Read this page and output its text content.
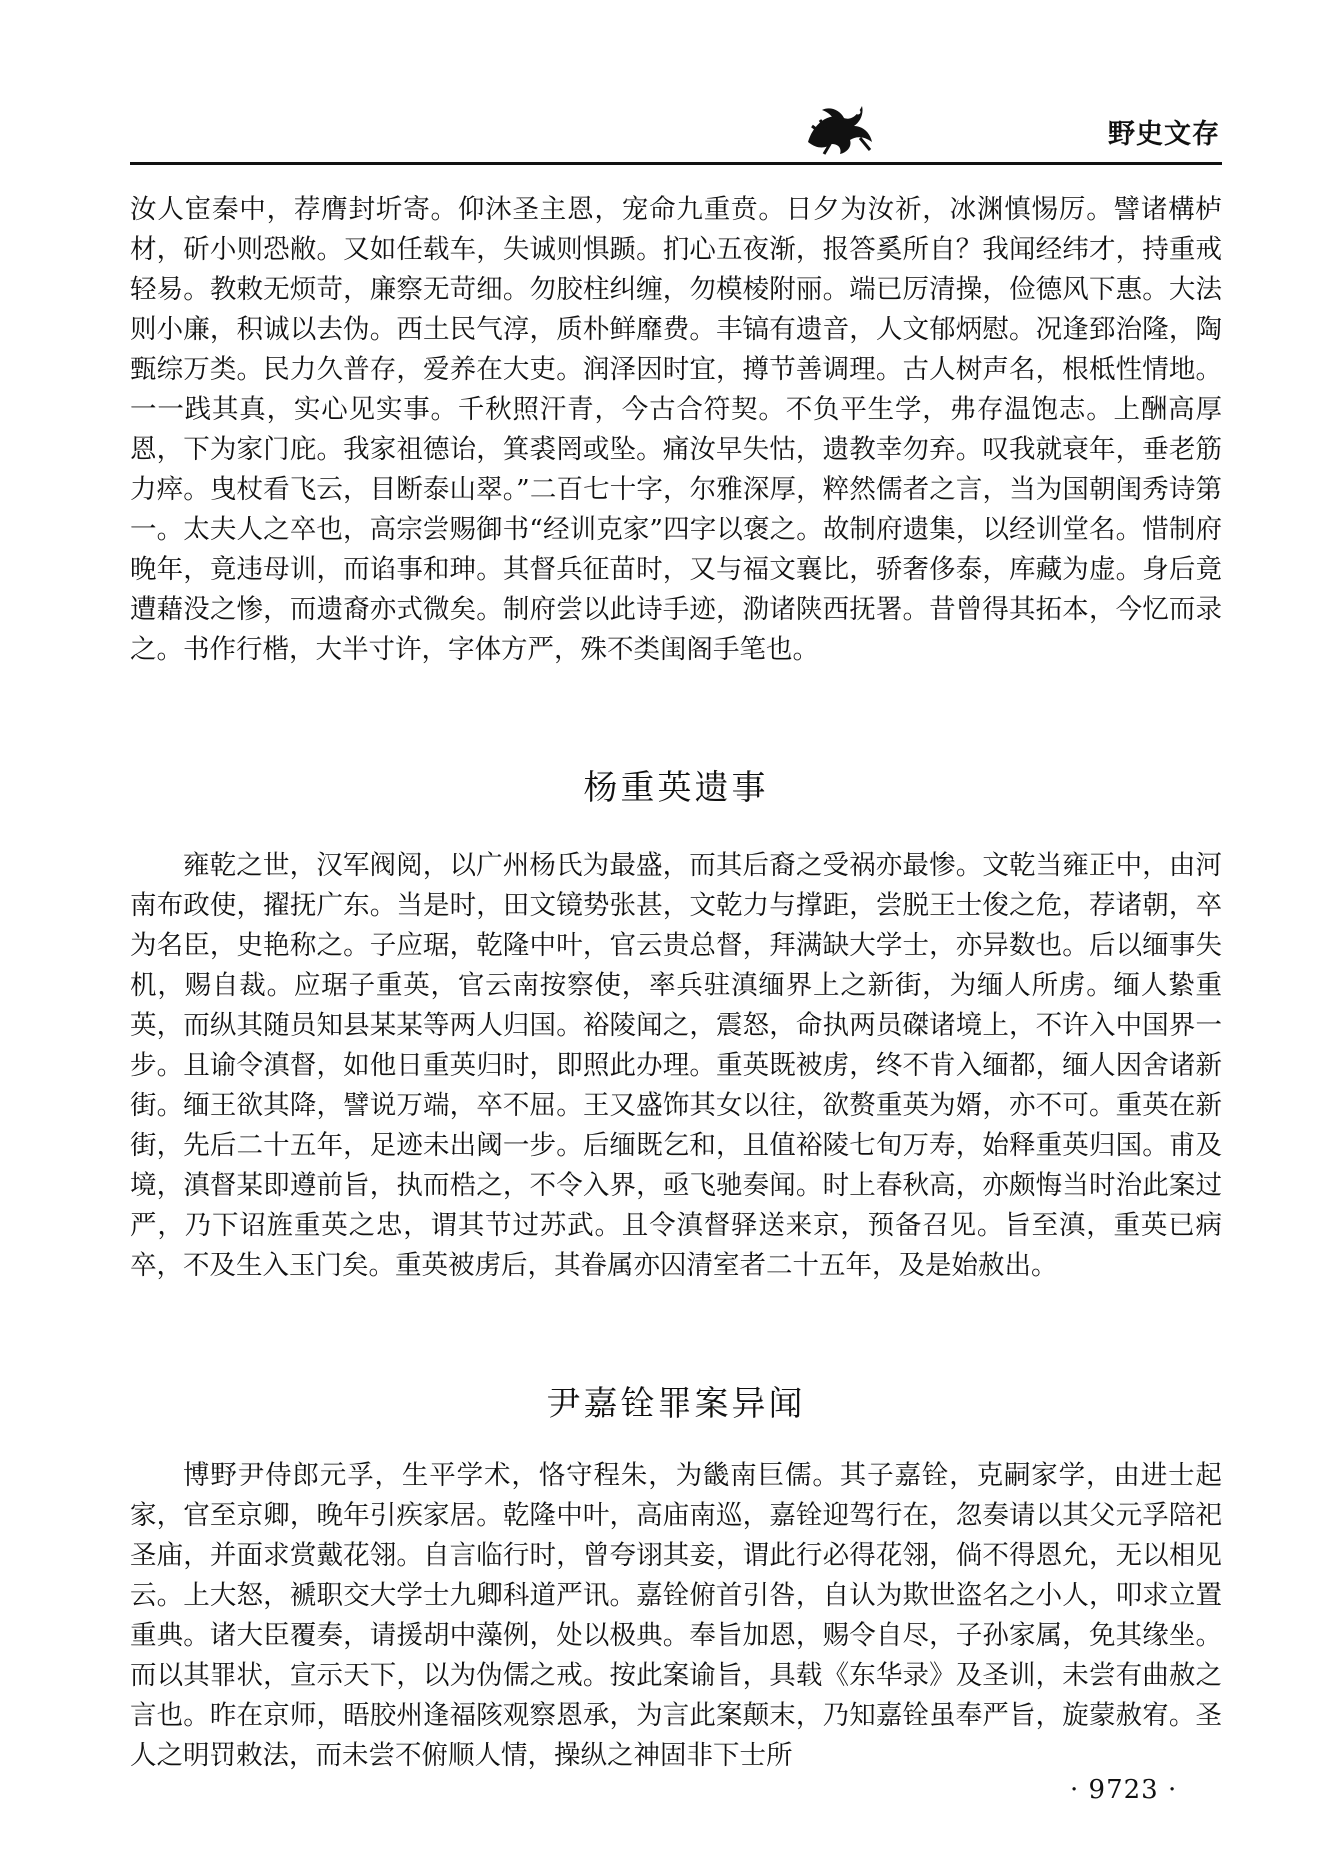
野史文存

汝人宦秦中，荐膺封圻寄。仰沐圣主恩，宠命九重贲。日夕为汝祈，冰渊慎惕厉。譬诸構栌材，斫小则恐敝。又如任载车，失诚则惧踬。扪心五夜渐，报答奚所自？我闻经纬才，持重戒轻易。教敕无烦苛，廉察无苛细。勿胶柱纠缠，勿模棱附丽。端已厉清操，俭德风下惠。大法则小廉，积诚以去伪。西土民气淳，质朴鲜靡费。丰镐有遗音，人文郁炳慰。况逢郅治隆，陶甄综万类。民力久普存，爱养在大吏。润泽因时宜，撙节善调理。古人树声名，根柢性情地。一一践其真，实心见实事。千秋照汗青，今古合符契。不负平生学，弗存温饱志。上酬高厚恩，下为家门庇。我家祖德诒，箕裘罔或坠。痛汝早失怙，遗教幸勿弃。叹我就衰年，垂老筋力瘁。曳杖看飞云，目断泰山翠。”二百七十字，尔雅深厚，粹然儒者之言，当为国朝闺秀诗第一。太夫人之卒也，高宗尝赐御书“经训克家”四字以褒之。故制府遗集，以经训堂名。惜制府晚年，竟违母训，而谄事和珅。其督兵征苗时，又与福文襄比，骄奢侈泰，库藏为虚。身后竟遭藉没之惨，而遗裔亦式微矣。制府尝以此诗手迹，泐诸陕西抚署。昔曾得其拓本，今忆而录之。书作行楷，大半寸许，字体方严，殊不类闺阁手笔也。

杨重英遗事

雍乾之世，汉军阀阅，以广州杨氏为最盛，而其后裔之受祸亦最惨。文乾当雍正中，由河南布政使，擢抚广东。当是时，田文镜势张甚，文乾力与撑距，尝脱王士俊之危，荐诸朝，卒为名臣，史艳称之。子应琚，乾隆中叶，官云贵总督，拜满缺大学士，亦异数也。后以缅事失机，赐自裁。应琚子重英，官云南按察使，率兵驻滇缅界上之新街，为缅人所虏。缅人絷重英，而纵其随员知县某某等两人归国。裕陵闻之，震怒，命执两员磔诸境上，不许入中国界一步。且谕令滇督，如他日重英归时，即照此办理。重英既被虏，终不肯入缅都，缅人因舍诸新街。缅王欲其降，譬说万端，卒不屈。王又盛饰其女以往，欲赘重英为婿，亦不可。重英在新街，先后二十五年，足迹未出阈一步。后缅既乞和，且值裕陵七旬万寿，始释重英归国。甫及境，滇督某即遵前旨，执而梏之，不令入界，亟飞驰奏闻。时上春秋高，亦颇悔当时治此案过严，乃下诏旌重英之忠，谓其节过苏武。且令滇督驿送来京，预备召见。旨至滇，重英已病卒，不及生入玉门矣。重英被虏后，其眷属亦囚清室者二十五年，及是始赦出。

尹嘉铨罪案异闻

博野尹侍郎元孚，生平学术，恪守程朱，为畿南巨儒。其子嘉铨，克嗣家学，由进士起家，官至京卿，晚年引疾家居。乾隆中叶，高庙南巡，嘉铨迎驾行在，忽奏请以其父元孚陪祀圣庙，并面求赏戴花翎。自言临行时，曾夸诩其妾，谓此行必得花翎，倘不得恩允，无以相见云。上大怒，褫职交大学士九卿科道严讯。嘉铨俯首引咎，自认为欺世盗名之小人，叩求立置重典。诸大臣覆奏，请援胡中藻例，处以极典。奉旨加恩，赐令自尽，子孙家属，免其缘坐。而以其罪状，宣示天下，以为伪儒之戒。按此案谕旨，具载《东华录》及圣训，未尝有曲赦之言也。昨在京师，晤胶州逢福陔观察恩承，为言此案颠末，乃知嘉铨虽奉严旨，旋蒙赦宥。圣人之明罚敕法，而未尝不俯顺人情，操纵之神固非下士所

· 9723 ·
